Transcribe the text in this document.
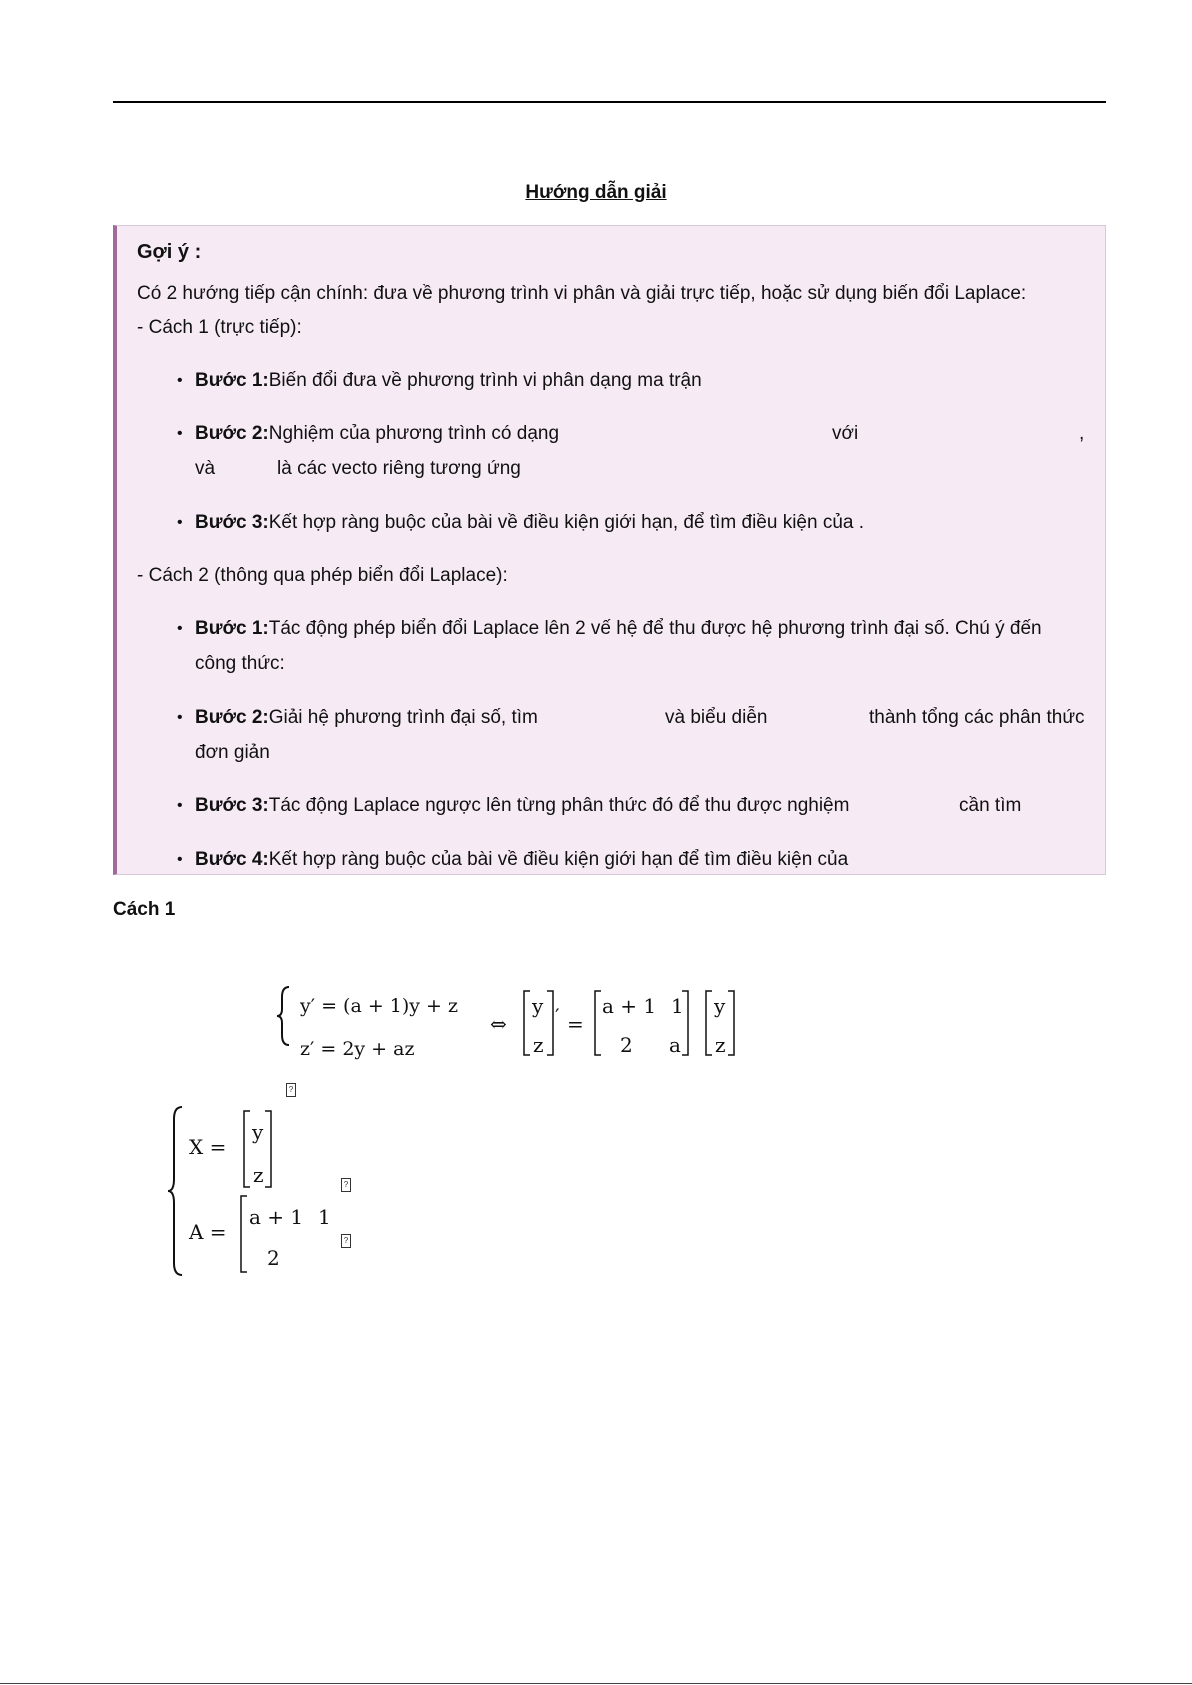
Hướng dẫn giải
Gợi ý :
Có 2 hướng tiếp cận chính: đưa về phương trình vi phân và giải trực tiếp, hoặc sử dụng biến đổi Laplace:
- Cách 1 (trực tiếp):
• Bước 1:Biến đổi đưa về phương trình vi phân dạng ma trận
• Bước 2:Nghiệm của phương trình có dạng	với	,
và	là các vecto riêng tương ứng
• Bước 3:Kết hợp ràng buộc của bài về điều kiện giới hạn, để tìm điều kiện của .
- Cách 2 (thông qua phép biển đổi Laplace):
• Bước 1:Tác động phép biển đổi Laplace lên 2 vế hệ để thu được hệ phương trình đại số. Chú ý đến
công thức:
• Bước 2:Giải hệ phương trình đại số, tìm	và biểu diễn	thành tổng các phân thức
đơn giản
• Bước 3:Tác động Laplace ngược lên từng phân thức đó để thu được nghiệm	cần tìm
• Bước 4:Kết hợp ràng buộc của bài về điều kiện giới hạn để tìm điều kiện của
Cách 1
y′ = (a + 1)y + z
z′ = 2y + az
⇔
y
z
′ =
a + 1 1
2 a
y
z
?
?
?
X =
y
z
A =
a + 1 1
2
